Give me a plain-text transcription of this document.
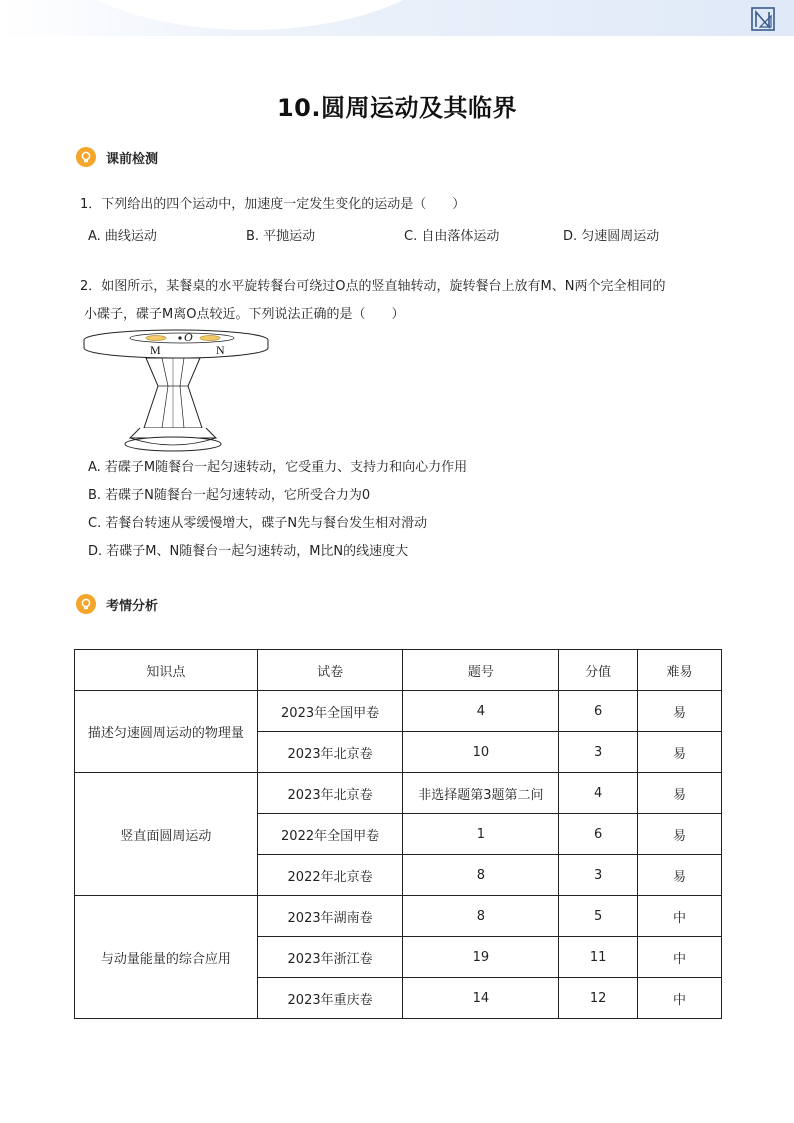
10.圆周运动及其临界
课前检测
1．下列给出的四个运动中，加速度一定发生变化的运动是（　　）
A. 曲线运动	B. 平抛运动	C. 自由落体运动	D. 匀速圆周运动
2．如图所示，某餐桌的水平旋转餐台可绕过O点的竖直轴转动，旋转餐台上放有M、N两个完全相同的
小碟子，碟子M离O点较近。下列说法正确的是（　　）
O
M	N
A. 若碟子M随餐台一起匀速转动，它受重力、支持力和向心力作用
B. 若碟子N随餐台一起匀速转动，它所受合力为0
C. 若餐台转速从零缓慢增大，碟子N先与餐台发生相对滑动
D. 若碟子M、N随餐台一起匀速转动，M比N的线速度大
考情分析
知识点	试卷	题号	分值	难易
描述匀速圆周运动的物理量	2023年全国甲卷	4	6	易
	2023年北京卷	10	3	易
竖直面圆周运动	2023年北京卷	非选择题第3题第二问	4	易
	2022年全国甲卷	1	6	易
	2022年北京卷	8	3	易
与动量能量的综合应用	2023年湖南卷	8	5	中
	2023年浙江卷	19	11	中
	2023年重庆卷	14	12	中
